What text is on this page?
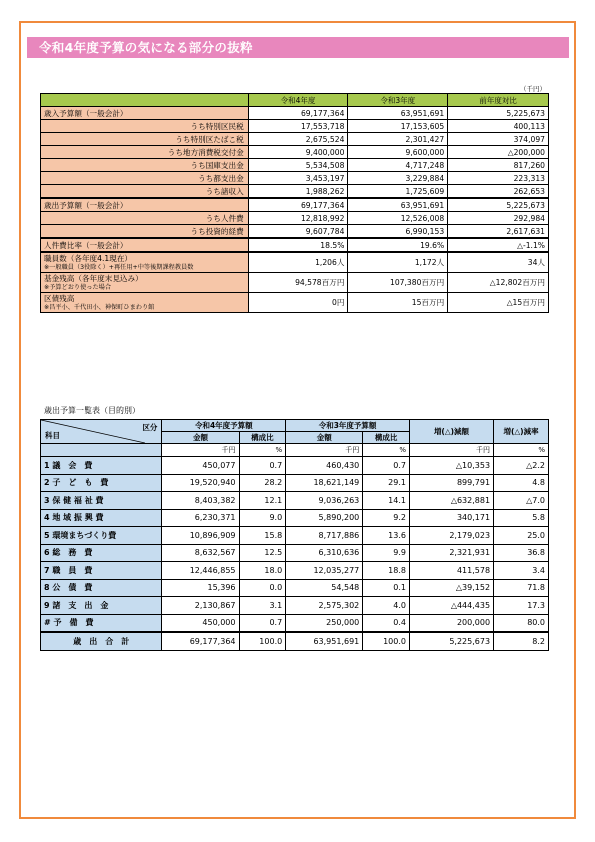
令和4年度予算の気になる部分の抜粋
（千円）
	令和4年度	令和3年度	前年度対比
歳入予算額（一般会計）	69,177,364	63,951,691	5,225,673
うち特別区民税	17,553,718	17,153,605	400,113
うち特別区たばこ税	2,675,524	2,301,427	374,097
うち地方消費税交付金	9,400,000	9,600,000	△200,000
うち国庫支出金	5,534,508	4,717,248	817,260
うち都支出金	3,453,197	3,229,884	223,313
うち諸収入	1,988,262	1,725,609	262,653
歳出予算額（一般会計）	69,177,364	63,951,691	5,225,673
うち人件費	12,818,992	12,526,008	292,984
うち投資的経費	9,607,784	6,990,153	2,617,631
人件費比率（一般会計）	18.5%	19.6%	△-1.1%
職員数（各年度4.1現在）
※一般職員（3役除く）+再任用+中等後期課程教員数	1,206人	1,172人	34人
基金残高（各年度末見込み）
※予算どおり使った場合	94,578百万円	107,380百万円	△12,802百万円
区債残高
※昌平小、千代田小、神保町ひまわり館	0円	15百万円	△15百万円
歳出予算一覧表（目的別）
区分
科目	令和4年度予算額		令和3年度予算額		増(△)減額	増(△)減率
	金額	構成比	金額	構成比		
	千円	%	千円	%	千円	%
1 議　会　費	450,077	0.7	460,430	0.7	△10,353	△2.2
2 子　ど　も　費	19,520,940	28.2	18,621,149	29.1	899,791	4.8
3 保 健 福 祉 費	8,403,382	12.1	9,036,263	14.1	△632,881	△7.0
4 地 域 振 興 費	6,230,371	9.0	5,890,200	9.2	340,171	5.8
5 環境まちづくり費	10,896,909	15.8	8,717,886	13.6	2,179,023	25.0
6 総　務　費	8,632,567	12.5	6,310,636	9.9	2,321,931	36.8
7 職　員　費	12,446,855	18.0	12,035,277	18.8	411,578	3.4
8 公　債　費	15,396	0.0	54,548	0.1	△39,152	71.8
9 諸　支　出　金	2,130,867	3.1	2,575,302	4.0	△444,435	17.3
# 予　備　費	450,000	0.7	250,000	0.4	200,000	80.0
歳　出　合　計	69,177,364	100.0	63,951,691	100.0	5,225,673	8.2
